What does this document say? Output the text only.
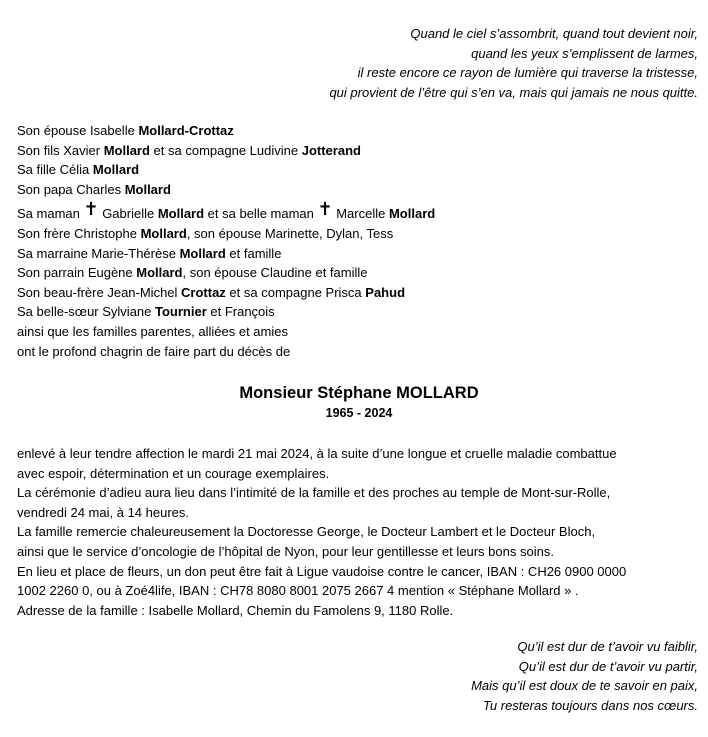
Quand le ciel s’assombrit, quand tout devient noir,
quand les yeux s’emplissent de larmes,
il reste encore ce rayon de lumière qui traverse la tristesse,
qui provient de l’être qui s’en va, mais qui jamais ne nous quitte.
Son épouse Isabelle Mollard-Crottaz
Son fils Xavier Mollard et sa compagne Ludivine Jotterand
Sa fille Célia Mollard
Son papa Charles Mollard
Sa maman ✝ Gabrielle Mollard et sa belle maman ✝ Marcelle Mollard
Son frère Christophe Mollard, son épouse Marinette, Dylan, Tess
Sa marraine Marie-Thérèse Mollard et famille
Son parrain Eugène Mollard, son épouse Claudine et famille
Son beau-frère Jean-Michel Crottaz et sa compagne Prisca Pahud
Sa belle-sœur Sylviane Tournier et François
ainsi que les familles parentes, alliées et amies
ont le profond chagrin de faire part du décès de
Monsieur Stéphane MOLLARD
1965 - 2024
enlevé à leur tendre affection le mardi 21 mai 2024, à la suite d’une longue et cruelle maladie combattue
avec espoir, détermination et un courage exemplaires.
La cérémonie d’adieu aura lieu dans l’intimité de la famille et des proches au temple de Mont-sur-Rolle,
vendredi 24 mai, à 14 heures.
La famille remercie chaleureusement la Doctoresse George, le Docteur Lambert et le Docteur Bloch,
ainsi que le service d’oncologie de l’hôpital de Nyon, pour leur gentillesse et leurs bons soins.
En lieu et place de fleurs, un don peut être fait à Ligue vaudoise contre le cancer, IBAN : CH26 0900 0000
1002 2260 0, ou à Zoé4life, IBAN : CH78 8080 8001 2075 2667 4 mention « Stéphane Mollard » .
Adresse de la famille : Isabelle Mollard, Chemin du Famolens 9, 1180 Rolle.
Qu’il est dur de t’avoir vu faiblir,
Qu’il est dur de t’avoir vu partir,
Mais qu’il est doux de te savoir en paix,
Tu resteras toujours dans nos cœurs.
